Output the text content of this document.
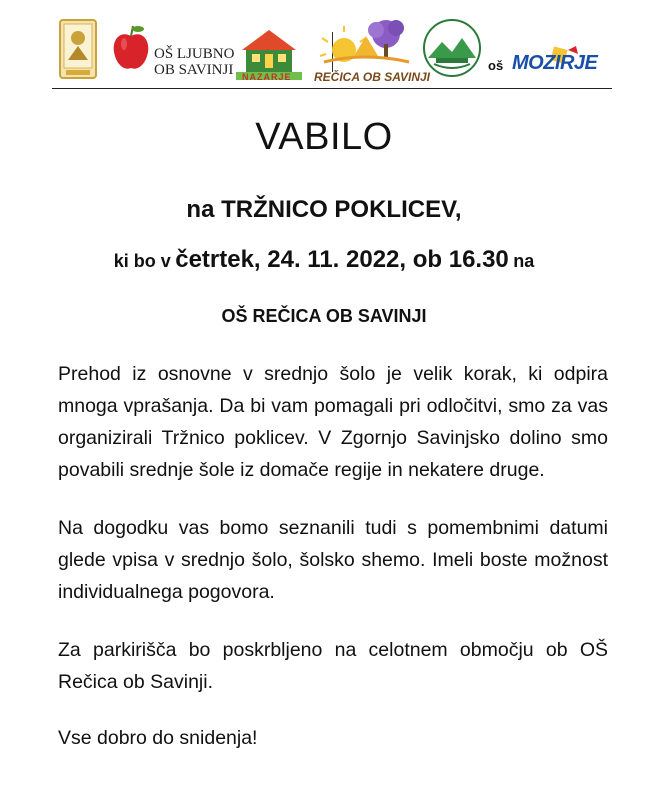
OŠ LJUBNO
OB SAVINJI NAZARJE REČICA OB SAVINJI
oš MOZIRJE
VABILO
na TRŽNICO POKLICEV,
ki bo v četrtek, 24. 11. 2022, ob 16.30 na
OŠ REČICA OB SAVINJI

Prehod iz osnovne v srednjo šolo je velik korak, ki odpira mnoga vprašanja. Da bi vam pomagali pri odločitvi, smo za vas organizirali Tržnico poklicev. V Zgornjo Savinjsko dolino smo povabili srednje šole iz domače regije in nekatere druge.

Na dogodku vas bomo seznanili tudi s pomembnimi datumi glede vpisa v srednjo šolo, šolsko shemo. Imeli boste možnost individualnega pogovora.

Za parkirišča bo poskrbljeno na celotnem območju ob OŠ Rečica ob Savinji.

Vse dobro do snidenja!
